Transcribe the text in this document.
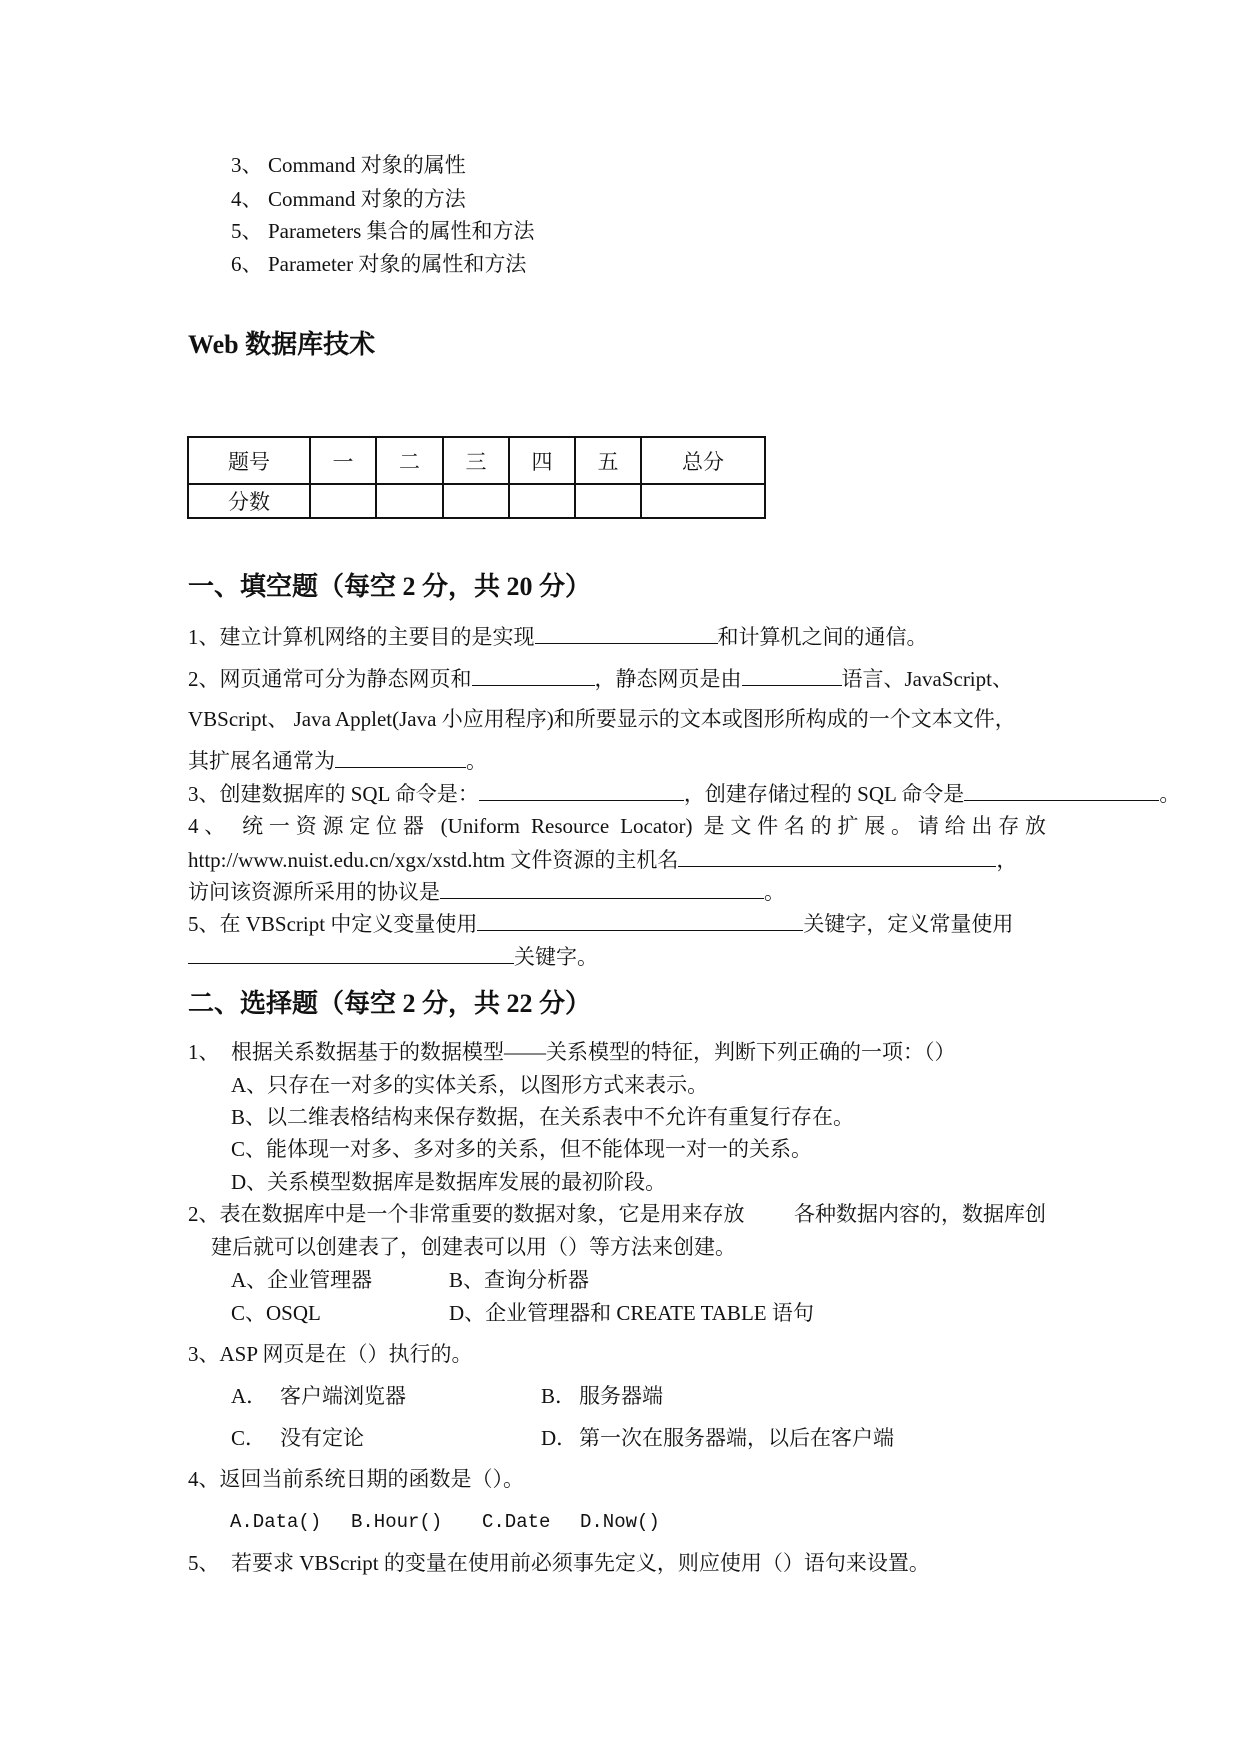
3、 Command 对象的属性
4、 Command 对象的方法
5、 Parameters 集合的属性和方法
6、 Parameter 对象的属性和方法
Web 数据库技术
题号	一	二	三	四	五	总分
分数						
一、填空题（每空 2 分，共 20 分）
1、建立计算机网络的主要目的是实现	和计算机之间的通信。
2、网页通常可分为静态网页和	，静态网页是由	语言、JavaScript、
VBScript、 Java Applet(Java 小应用程序)和所要显示的文本或图形所构成的一个文本文件，
其扩展名通常为	。
3、创建数据库的 SQL 命令是：	，创建存储过程的 SQL 命令是	。
4、 统一资源定位器 (Uniform Resource Locator) 是文件名的扩展。请给出存放
http://www.nuist.edu.cn/xgx/xstd.htm 文件资源的主机名	，
访问该资源所采用的协议是	。
5、在 VBScript 中定义变量使用	关键字，定义常量使用
关键字。
二、选择题（每空 2 分，共 22 分）
1、 根据关系数据基于的数据模型——关系模型的特征，判断下列正确的一项：（）
A、只存在一对多的实体关系，以图形方式来表示。
B、以二维表格结构来保存数据，在关系表中不允许有重复行存在。
C、能体现一对多、多对多的关系，但不能体现一对一的关系。
D、关系模型数据库是数据库发展的最初阶段。
2、表在数据库中是一个非常重要的数据对象，它是用来存放 各种数据内容的，数据库创
建后就可以创建表了，创建表可以用（）等方法来创建。
A、企业管理器	B、查询分析器
C、OSQL	D、企业管理器和 CREATE TABLE 语句
3、ASP 网页是在（）执行的。
A． 客户端浏览器	B． 服务器端
C． 没有定论	D． 第一次在服务器端，以后在客户端
4、返回当前系统日期的函数是（）。
A.Data() B.Hour() C.Date D.Now()
5、 若要求 VBScript 的变量在使用前必须事先定义，则应使用（）语句来设置。
